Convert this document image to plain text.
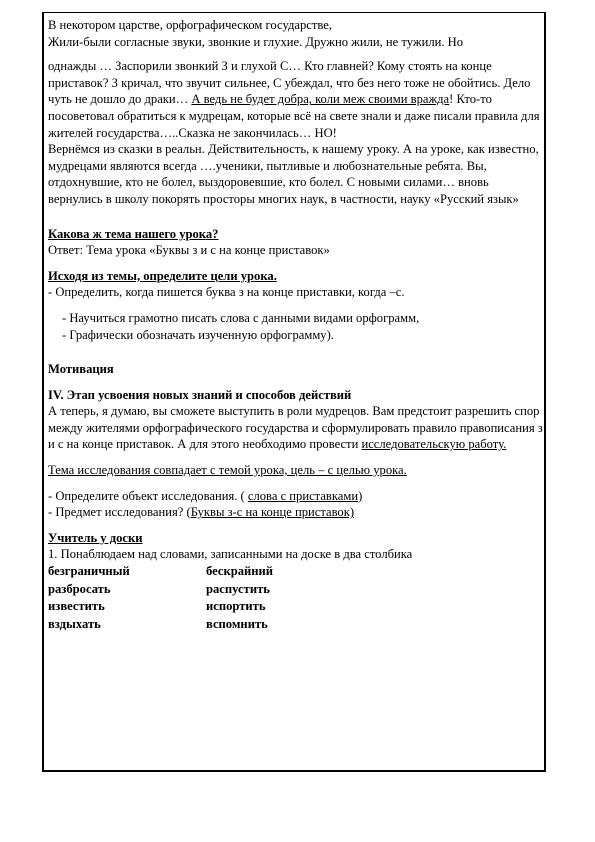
В некотором царстве, орфографическом государстве,

Жили-были согласные звуки, звонкие и глухие. Дружно жили, не тужили. Но

однажды … Заспорили звонкий З и глухой С… Кто главней? Кому стоять на конце приставок? З кричал, что звучит сильнее, С убеждал, что без него тоже не обойтись. Дело чуть не дошло до драки… А ведь не будет добра, коли меж своими вражда! Кто-то посоветовал обратиться к мудрецам, которые всё на свете знали и даже писали правила для жителей государства…..Сказка не закончилась… НО!

Вернёмся из сказки в реальн. Действительность, к нашему уроку. А на уроке, как известно, мудрецами являются всегда ….ученики, пытливые и любознательные ребята. Вы, отдохнувшие, кто не болел, выздоровевшие, кто болел. С новыми силами… вновь вернулись в школу покорять просторы многих наук, в частности, науку «Русский язык»

Какова ж тема нашего урока?

Ответ: Тема урока «Буквы з и с на конце приставок»

Исходя из темы, определите цели урока.

- Определить, когда пишется буква з на конце приставки, когда –с.

- Научиться грамотно писать слова с данными видами орфограмм,

- Графически обозначать изученную орфограмму).

Мотивация

IV. Этап усвоения новых знаний и способов действий

А теперь, я думаю, вы сможете выступить в роли мудрецов. Вам предстоит разрешить спор между жителями орфографического государства и сформулировать правило правописания з и с на конце приставок. А для этого необходимо провести исследовательскую работу.

Тема исследования совпадает с темой урока, цель – с целью урока.

- Определите объект исследования. ( слова с приставками)

- Предмет исследования? (Буквы з-с на конце приставок)

Учитель у доски

1. Понаблюдаем над словами, записанными на доске в два столбика

безграничный	бескрайний
разбросать	распустить
известить	испортить
вздыхать	вспомнить
